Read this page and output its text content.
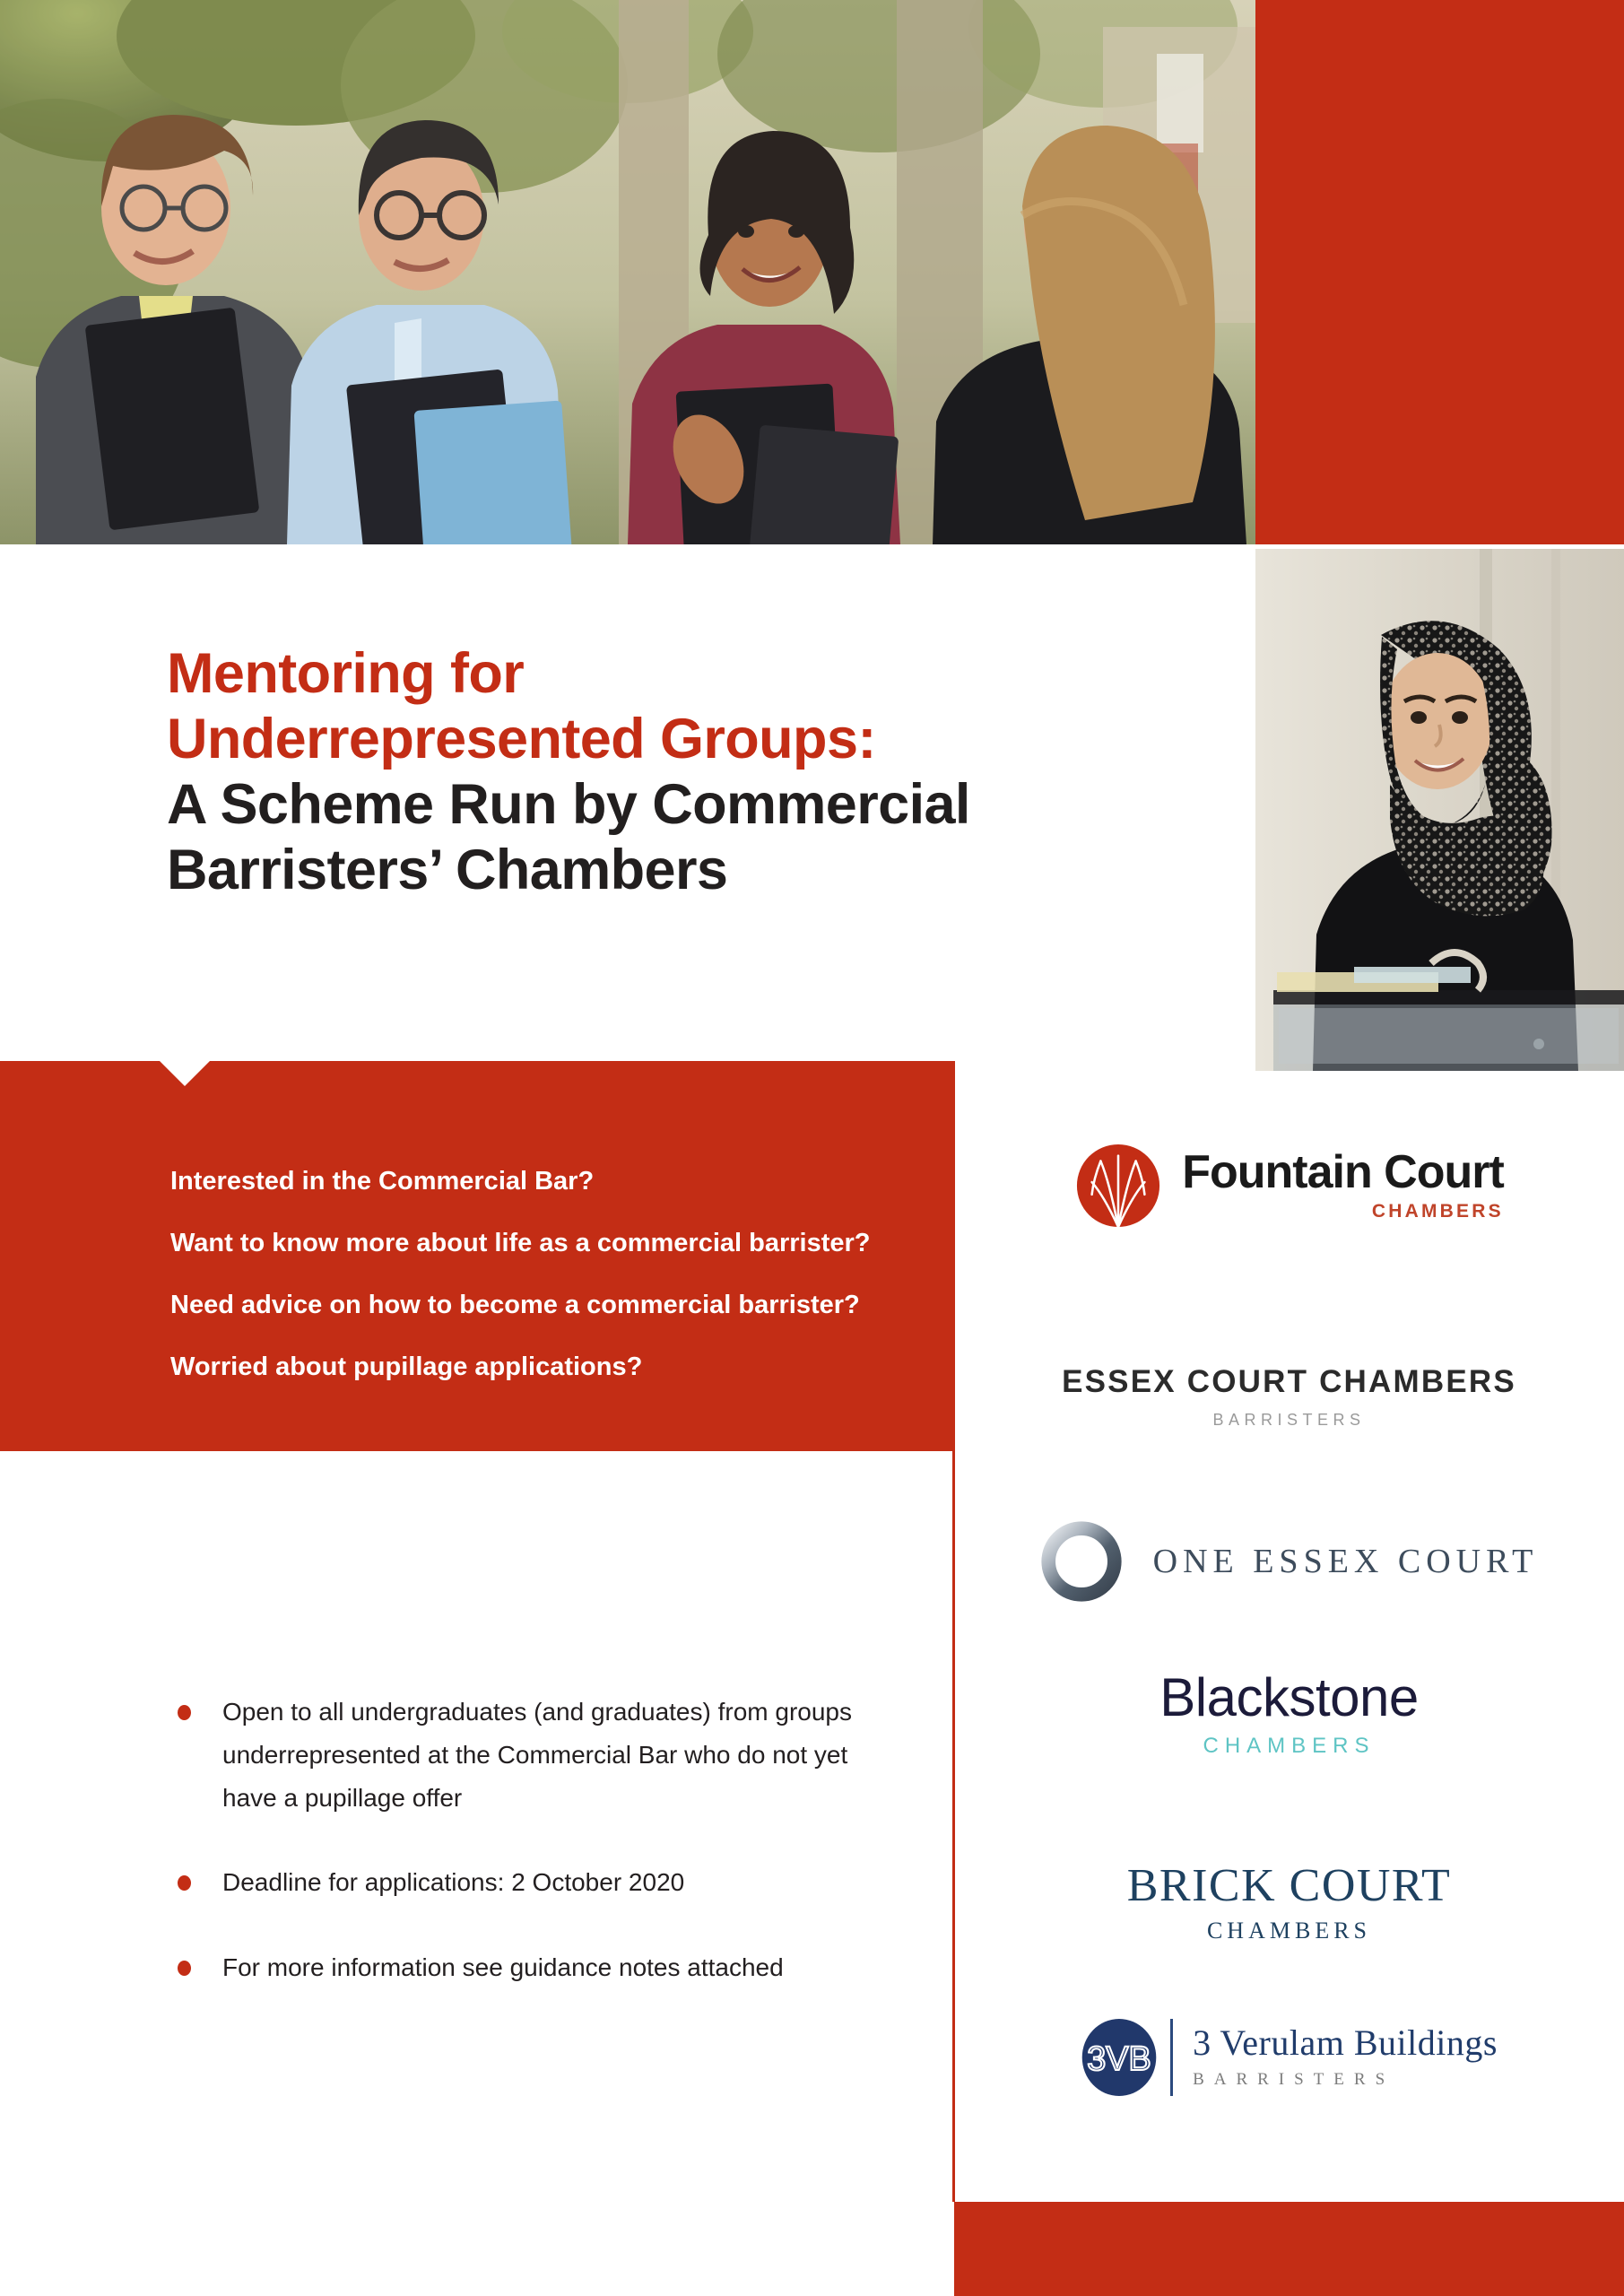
Mentoring for
Underrepresented Groups:
A Scheme Run by Commercial
Barristers’ Chambers
Interested in the Commercial Bar?
Want to know more about life as a commercial barrister?
Need advice on how to become a commercial barrister?
Worried about pupillage applications?
Open to all undergraduates (and graduates) from groups underrepresented at the Commercial Bar who do not yet have a pupillage offer
Deadline for applications: 2 October 2020
For more information see guidance notes attached
Fountain Court
CHAMBERS
ESSEX COURT CHAMBERS
BARRISTERS
ONE ESSEX COURT
Blackstone
CHAMBERS
BRICK COURT
CHAMBERS
3VB 3 Verulam Buildings
BARRISTERS
